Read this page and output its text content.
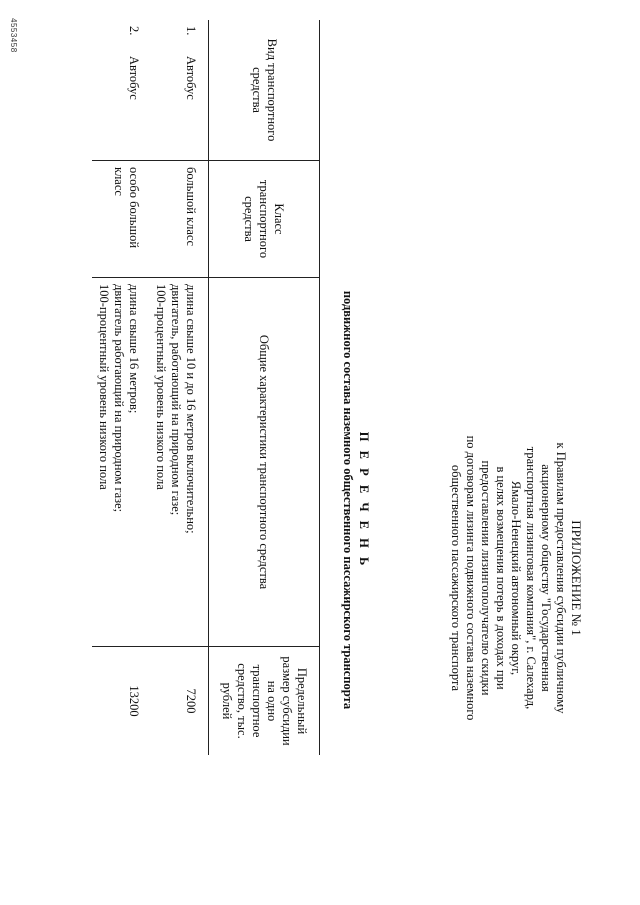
ПРИЛОЖЕНИЕ № 1
к Правилам предоставления субсидии публичному
акционерному обществу "Государственная
транспортная лизинговая компания", г. Салехард,
Ямало-Ненецкий автономный округ,
в целях возмещения потерь в доходах при
предоставлении лизингополучателю скидки
по договорам лизинга подвижного состава наземного
общественного пассажирского транспорта
П Е Р Е Ч Е Н Ь
подвижного состава наземного общественного пассажирского транспорта
Вид транспортного средства	Класс транспортного средства	Общие характеристики транспортного средства	Предельный размер субсидии на одно транспортное средство, тыс. рублей
1.Автобус	большой класс	длина свыше 10 и до 16 метров включительно;
двигатель, работающий на природном газе;
100-процентный уровень низкого пола	7200
2.Автобус	особо большой класс	длина свыше 16 метров;
двигатель работающий на природном газе;
100-процентный уровень низкого пола	13200
4553458
